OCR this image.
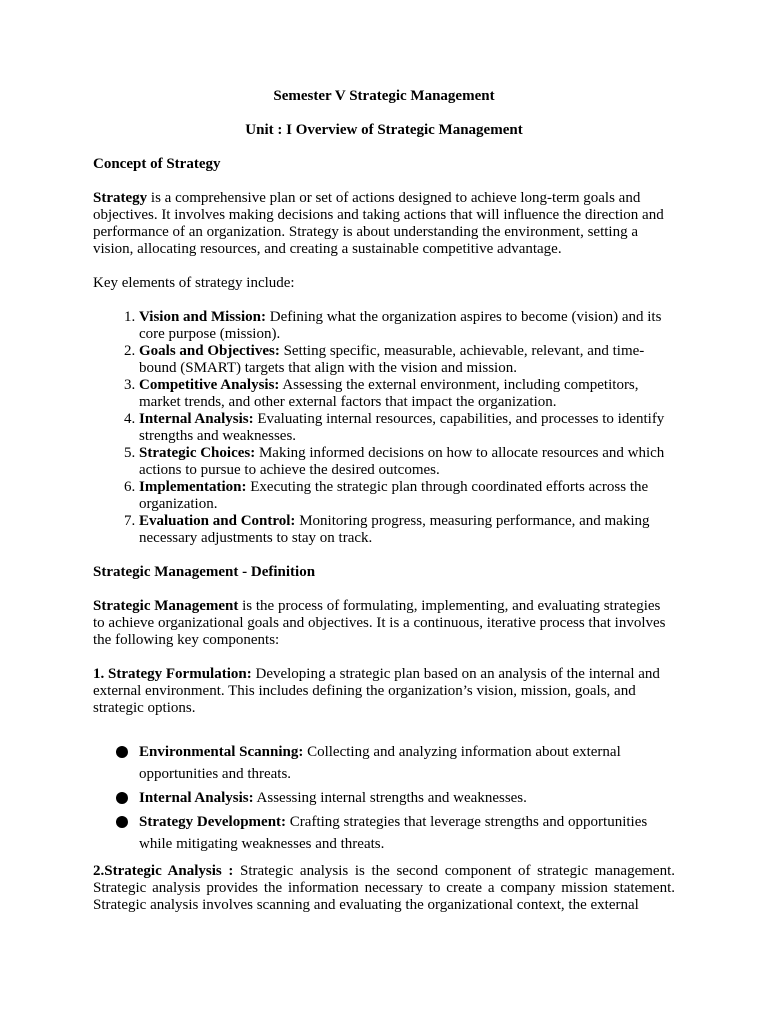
Semester V Strategic Management
Unit : I Overview of Strategic Management
Concept of Strategy

Strategy is a comprehensive plan or set of actions designed to achieve long-term goals and objectives. It involves making decisions and taking actions that will influence the direction and performance of an organization. Strategy is about understanding the environment, setting a vision, allocating resources, and creating a sustainable competitive advantage.

Key elements of strategy include:

1. Vision and Mission: Defining what the organization aspires to become (vision) and its core purpose (mission).
2. Goals and Objectives: Setting specific, measurable, achievable, relevant, and time-bound (SMART) targets that align with the vision and mission.
3. Competitive Analysis: Assessing the external environment, including competitors, market trends, and other external factors that impact the organization.
4. Internal Analysis: Evaluating internal resources, capabilities, and processes to identify strengths and weaknesses.
5. Strategic Choices: Making informed decisions on how to allocate resources and which actions to pursue to achieve the desired outcomes.
6. Implementation: Executing the strategic plan through coordinated efforts across the organization.
7. Evaluation and Control: Monitoring progress, measuring performance, and making necessary adjustments to stay on track.
Strategic Management - Definition

Strategic Management is the process of formulating, implementing, and evaluating strategies to achieve organizational goals and objectives. It is a continuous, iterative process that involves the following key components:

1. Strategy Formulation: Developing a strategic plan based on an analysis of the internal and external environment. This includes defining the organization’s vision, mission, goals, and strategic options.

Environmental Scanning: Collecting and analyzing information about external opportunities and threats.
Internal Analysis: Assessing internal strengths and weaknesses.
Strategy Development: Crafting strategies that leverage strengths and opportunities while mitigating weaknesses and threats.

2.Strategic Analysis : Strategic analysis is the second component of strategic management. Strategic analysis provides the information necessary to create a company mission statement. Strategic analysis involves scanning and evaluating the organizational context, the external
